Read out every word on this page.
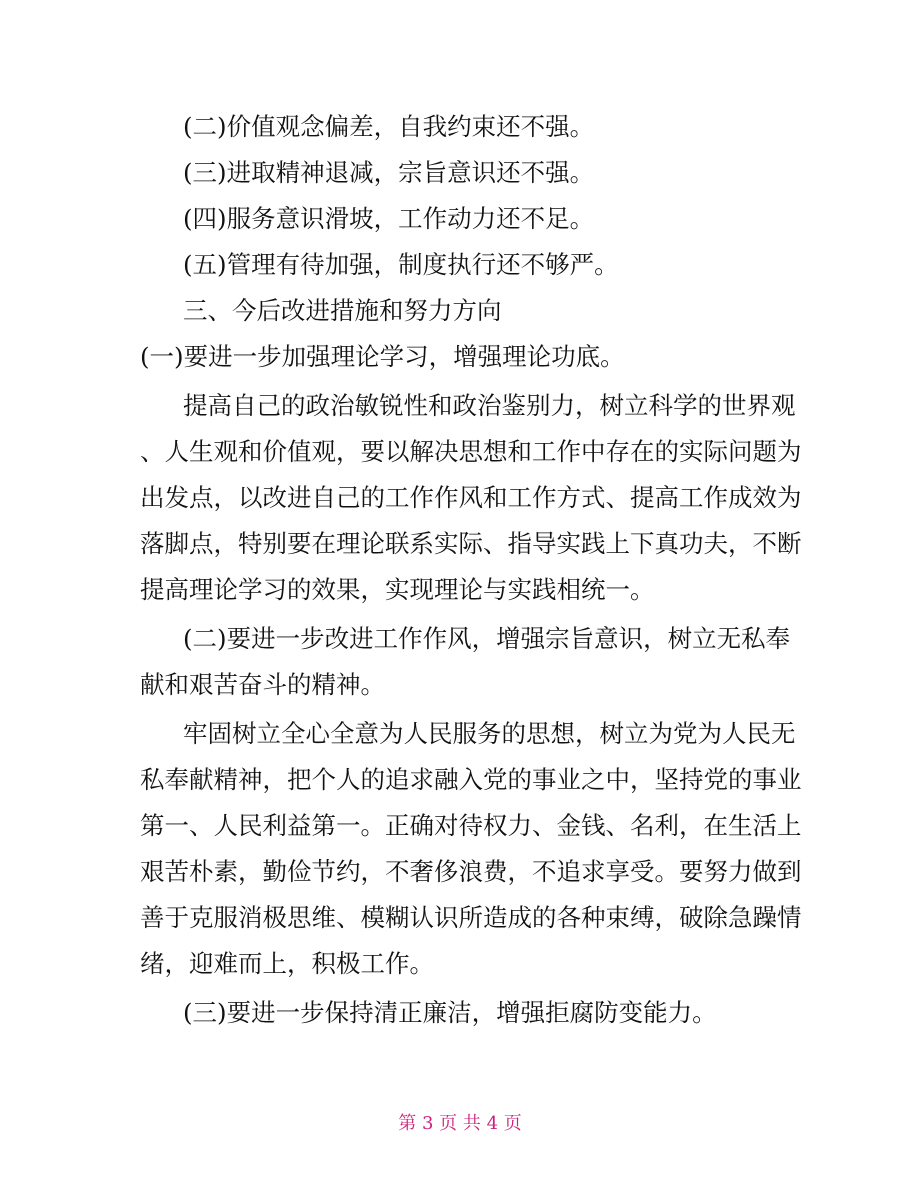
(二)价值观念偏差，自我约束还不强。
(三)进取精神退减，宗旨意识还不强。
(四)服务意识滑坡，工作动力还不足。
(五)管理有待加强，制度执行还不够严。
三、今后改进措施和努力方向
(一)要进一步加强理论学习，增强理论功底。
提高自己的政治敏锐性和政治鉴别力，树立科学的世界观
、人生观和价值观，要以解决思想和工作中存在的实际问题为
出发点，以改进自己的工作作风和工作方式、提高工作成效为
落脚点，特别要在理论联系实际、指导实践上下真功夫，不断
提高理论学习的效果，实现理论与实践相统一。
(二)要进一步改进工作作风，增强宗旨意识，树立无私奉
献和艰苦奋斗的精神。
牢固树立全心全意为人民服务的思想，树立为党为人民无
私奉献精神，把个人的追求融入党的事业之中，坚持党的事业
第一、人民利益第一。正确对待权力、金钱、名利，在生活上
艰苦朴素，勤俭节约，不奢侈浪费，不追求享受。要努力做到
善于克服消极思维、模糊认识所造成的各种束缚，破除急躁情
绪，迎难而上，积极工作。
(三)要进一步保持清正廉洁，增强拒腐防变能力。
第 3 页 共 4 页
